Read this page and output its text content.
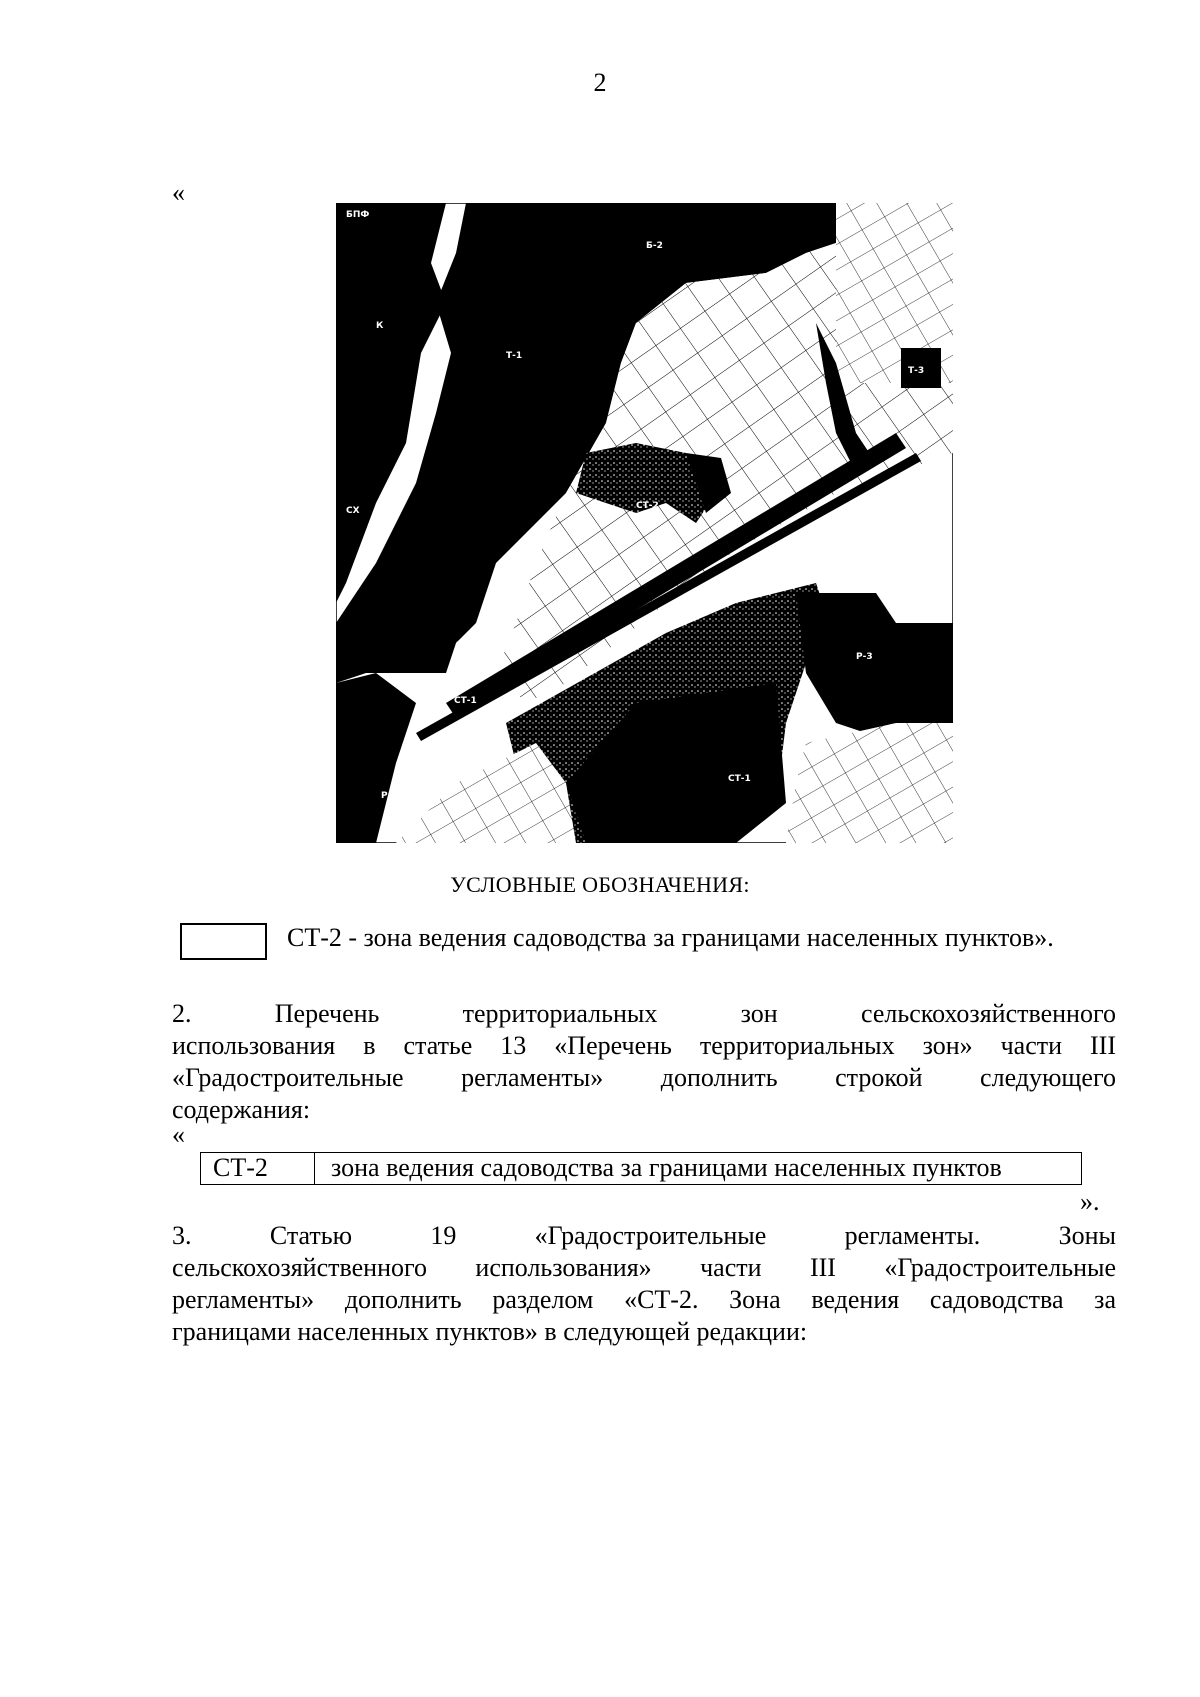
2
«
БПФ
Б-2
К
Т-1
Т-3
СХ	СТ-2
Р-2
СТ-1
Р-2
Р-3
СТ-1
УСЛОВНЫЕ ОБОЗНАЧЕНИЯ:
СТ-2 - зона ведения садоводства за границами населенных пунктов».
2. Перечень территориальных зон сельскохозяйственного
использования в статье 13 «Перечень территориальных зон» части III
«Градостроительные регламенты» дополнить строкой следующего
содержания:
«
СТ-2	зона ведения садоводства за границами населенных пунктов
».
3. Статью 19 «Градостроительные регламенты. Зоны
сельскохозяйственного использования» части III «Градостроительные
регламенты» дополнить разделом «СТ-2. Зона ведения садоводства за
границами населенных пунктов» в следующей редакции:
